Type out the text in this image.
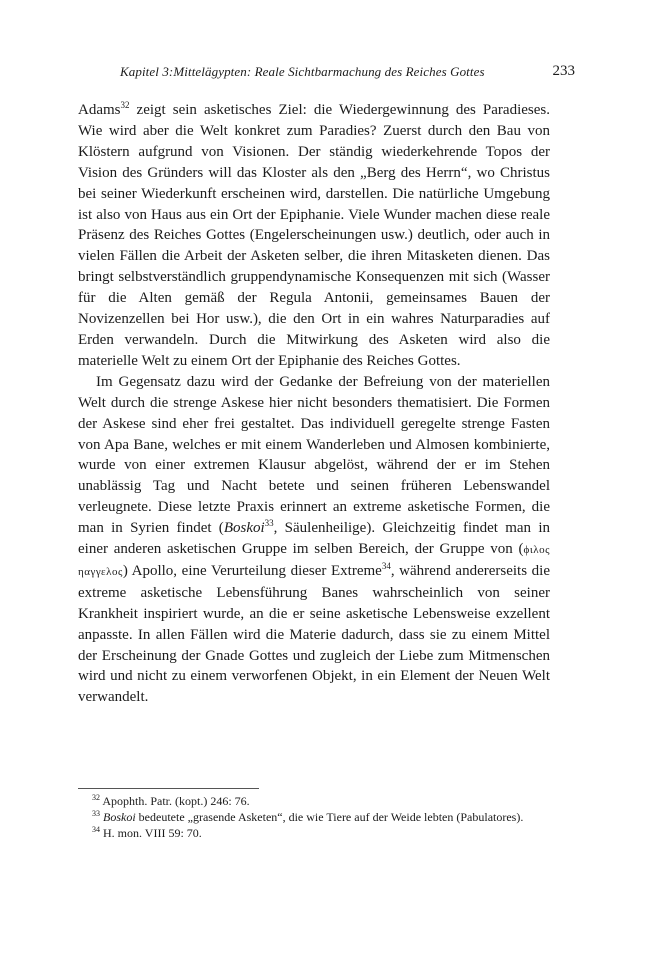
Kapitel 3:Mittelägypten: Reale Sichtbarmachung des Reiches Gottes	233

Adams$^{32}$ zeigt sein asketisches Ziel: die Wiedergewinnung des Paradieses. Wie wird aber die Welt konkret zum Paradies? Zuerst durch den Bau von Klöstern aufgrund von Visionen. Der ständig wiederkehrende Topos der Vision des Gründers will das Kloster als den „Berg des Herrn“, wo Christus bei seiner Wiederkunft erscheinen wird, darstellen. Die natürliche Umgebung ist also von Haus aus ein Ort der Epiphanie. Viele Wunder machen diese reale Präsenz des Reiches Gottes (Engelerscheinungen usw.) deutlich, oder auch in vielen Fällen die Arbeit der Asketen selber, die ihren Mitasketen dienen. Das bringt selbstverständlich gruppendynamische Konsequenzen mit sich (Wasser für die Alten gemäß der Regula Antonii, gemeinsames Bauen der Novizenzellen bei Hor usw.), die den Ort in ein wahres Naturparadies auf Erden verwandeln. Durch die Mitwirkung des Asketen wird also die materielle Welt zu einem Ort der Epiphanie des Reiches Gottes.

Im Gegensatz dazu wird der Gedanke der Befreiung von der materiellen Welt durch die strenge Askese hier nicht besonders thematisiert. Die Formen der Askese sind eher frei gestaltet. Das individuell geregelte strenge Fasten von Apa Bane, welches er mit einem Wanderleben und Almosen kombinierte, wurde von einer extremen Klausur abgelöst, während der er im Stehen unablässig Tag und Nacht betete und seinen früheren Lebenswandel verleugnete. Diese letzte Praxis erinnert an extreme asketische Formen, die man in Syrien findet (Boskoi$^{33}$, Säulenheilige). Gleichzeitig findet man in einer anderen asketischen Gruppe im selben Bereich, der Gruppe von (ϕιλος ηαγγελος) Apollo, eine Verurteilung dieser Extreme$^{34}$, während andererseits die extreme asketische Lebensführung Banes wahrscheinlich von seiner Krankheit inspiriert wurde, an die er seine asketische Lebensweise exzellent anpasste. In allen Fällen wird die Materie dadurch, dass sie zu einem Mittel der Erscheinung der Gnade Gottes und zugleich der Liebe zum Mitmenschen wird und nicht zu einem verworfenen Objekt, in ein Element der Neuen Welt verwandelt.

$^{32}$ Apophth. Patr. (kopt.) 246: 76.

$^{33}$ Boskoi bedeutete „grasende Asketen“, die wie Tiere auf der Weide lebten (Pabulatores).

$^{34}$ H. mon. VIII 59: 70.
